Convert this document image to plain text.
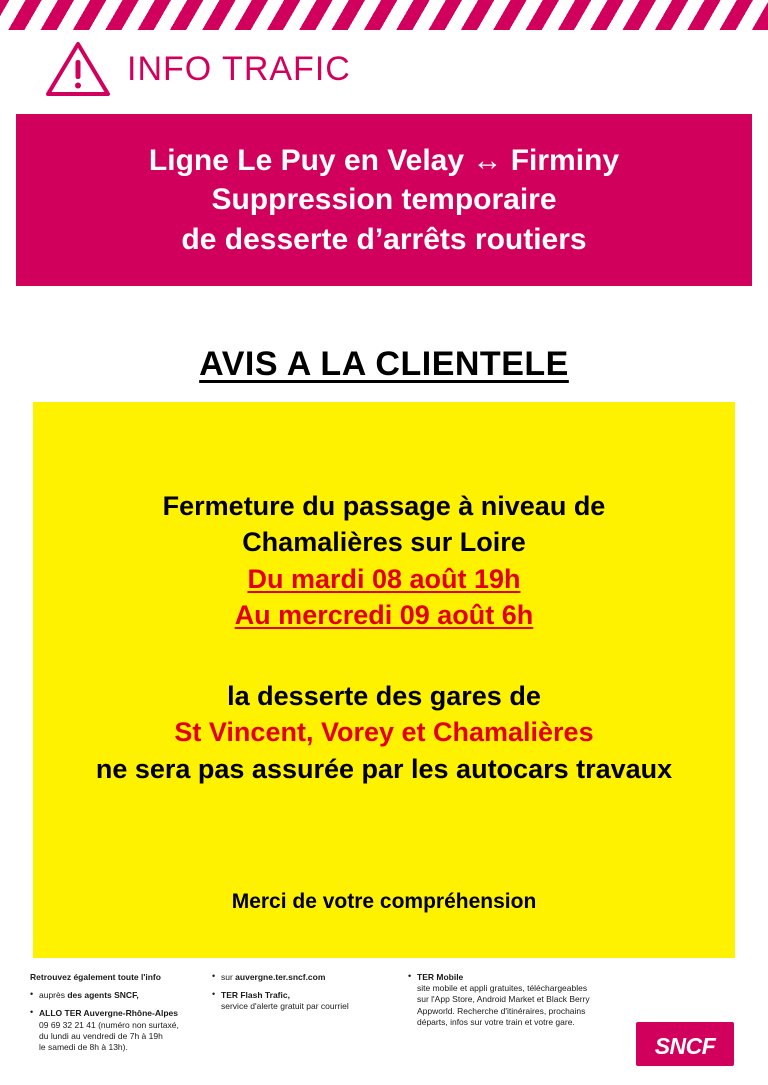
INFO TRAFIC
Ligne Le Puy en Velay ↔ Firminy
Suppression temporaire
de desserte d’arrêts routiers
AVIS A LA CLIENTELE
Fermeture du passage à niveau de
Chamalières sur Loire
Du mardi 08 août 19h
Au mercredi 09 août 6h
la desserte des gares de
St Vincent, Vorey et Chamalières
ne sera pas assurée par les autocars travaux
Merci de votre compréhension
Retrouvez également toute l'info
• auprès des agents SNCF,
• ALLO TER Auvergne-Rhône-Alpes
09 69 32 21 41 (numéro non surtaxé,
du lundi au vendredi de 7h à 19h
le samedi de 8h à 13h).
• sur auvergne.ter.sncf.com
• TER Flash Trafic,
service d'alerte gratuit par courriel
• TER Mobile
site mobile et appli gratuites, téléchargeables
sur l'App Store, Android Market et Black Berry
Appworld. Recherche d'itinéraires, prochains
départs, infos sur votre train et votre gare.
SNCF
